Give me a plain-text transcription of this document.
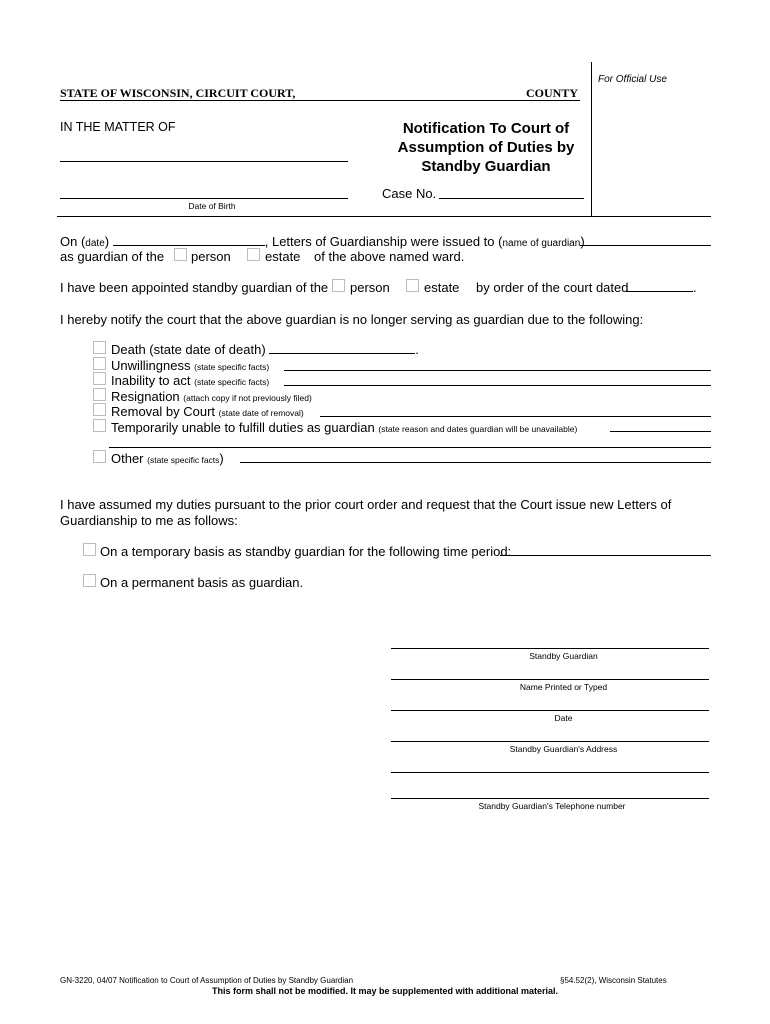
For Official Use
STATE OF WISCONSIN, CIRCUIT COURT,	COUNTY
IN THE MATTER OF
Date of Birth
Notification To Court of
Assumption of Duties by
Standby Guardian
Case No.
On (date)	, Letters of Guardianship were issued to (name of guardian)
as guardian of the person	estate of the above named ward.
I have been appointed standby guardian of the person	estate by order of the court dated	.
I hereby notify the court that the above guardian is no longer serving as guardian due to the following:
Death (state date of death)	.
Unwillingness (state specific facts)
Inability to act (state specific facts)
Resignation (attach copy if not previously filed)
Removal by Court (state date of removal)
Temporarily unable to fulfill duties as guardian (state reason and dates guardian will be unavailable)
Other (state specific facts)
I have assumed my duties pursuant to the prior court order and request that the Court issue new Letters of
Guardianship to me as follows:
On a temporary basis as standby guardian for the following time period:
On a permanent basis as guardian.
Standby Guardian
Name Printed or Typed
Date
Standby Guardian's Address
Standby Guardian's Telephone number
GN-3220, 04/07 Notification to Court of Assumption of Duties by Standby Guardian	§54.52(2), Wisconsin Statutes
This form shall not be modified. It may be supplemented with additional material.
